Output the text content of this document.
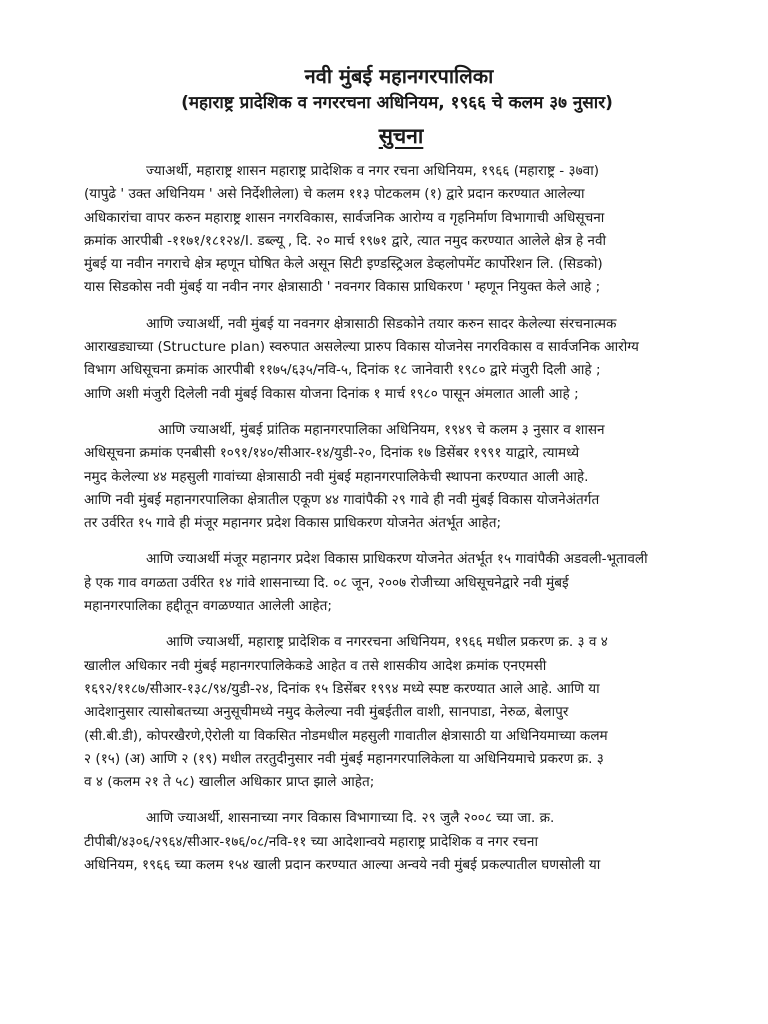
नवी मुंबई महानगरपालिका
(महाराष्ट्र प्रादेशिक व नगररचना अधिनियम, १९६६ चे कलम ३७ नुसार)
सुचना
ज्याअर्थी, महाराष्ट्र शासन महाराष्ट्र प्रादेशिक व नगर रचना अधिनियम, १९६६ (महाराष्ट्र - ३७वा)
(यापुढे ' उक्त अधिनियम ' असे निर्देशीलेला) चे कलम ११३ पोटकलम (१) द्वारे प्रदान करण्यात आलेल्या
अधिकारांचा वापर करुन महाराष्ट्र शासन नगरविकास, सार्वजनिक आरोग्य व गृहनिर्माण विभागाची अधिसूचना
क्रमांक आरपीबी -११७१/१८१२४/I. डब्ल्यू , दि. २० मार्च १९७१ द्वारे, त्यात नमुद करण्यात आलेले क्षेत्र हे नवी
मुंबई या नवीन नगराचे क्षेत्र म्हणून घोषित केले असून सिटी इण्डस्ट्रिअल डेव्हलोपमेंट कार्पोरेशन लि. (सिडको)
यास सिडकोस नवी मुंबई या नवीन नगर क्षेत्रासाठी ' नवनगर विकास प्राधिकरण ' म्हणून नियुक्त केले आहे ;
आणि ज्याअर्थी, नवी मुंबई या नवनगर क्षेत्रासाठी सिडकोने तयार करुन सादर केलेल्या संरचनात्मक
आराखड्याच्या (Structure plan) स्वरुपात असलेल्या प्रारुप विकास योजनेस नगरविकास व सार्वजनिक आरोग्य
विभाग अधिसूचना क्रमांक आरपीबी ११७५/६३५/नवि-५, दिनांक १८ जानेवारी १९८० द्वारे मंजुरी दिली आहे ;
आणि अशी मंजुरी दिलेली नवी मुंबई विकास योजना दिनांक १ मार्च १९८० पासून अंमलात आली आहे ;
आणि ज्याअर्थी, मुंबई प्रांतिक महानगरपालिका अधिनियम, १९४९ चे कलम ३ नुसार व शासन
अधिसूचना क्रमांक एनबीसी १०९१/१४०/सीआर-१४/युडी-२०, दिनांक १७ डिसेंबर १९९१ याद्वारे, त्यामध्ये
नमुद केलेल्या ४४ महसुली गावांच्या क्षेत्रासाठी नवी मुंबई महानगरपालिकेची स्थापना करण्यात आली आहे.
आणि नवी मुंबई महानगरपालिका क्षेत्रातील एकूण ४४ गावांपैकी २९ गावे ही नवी मुंबई विकास योजनेअंतर्गत
तर उर्वरित १५ गावे ही मंजूर महानगर प्रदेश विकास प्राधिकरण योजनेत अंतर्भूत आहेत;
आणि ज्याअर्थी मंजूर महानगर प्रदेश विकास प्राधिकरण योजनेत अंतर्भूत १५ गावांपैकी अडवली-भूतावली
हे एक गाव वगळता उर्वरित १४ गांवे शासनाच्या दि. ०८ जून, २००७ रोजीच्या अधिसूचनेद्वारे नवी मुंबई
महानगरपालिका हद्दीतून वगळण्यात आलेली आहेत;
आणि ज्याअर्थी, महाराष्ट्र प्रादेशिक व नगररचना अधिनियम, १९६६ मधील प्रकरण क्र. ३ व ४
खालील अधिकार नवी मुंबई महानगरपालिकेकडे आहेत व तसे शासकीय आदेश क्रमांक एनएमसी
१६९२/११८७/सीआर-१३८/९४/युडी-२४, दिनांक १५ डिसेंबर १९९४ मध्ये स्पष्ट करण्यात आले आहे. आणि या
आदेशानुसार त्यासोबतच्या अनुसूचीमध्ये नमुद केलेल्या नवी मुंबईतील वाशी, सानपाडा, नेरुळ, बेलापुर
(सी.बी.डी), कोपरखैरणे,ऐरोली या विकसित नोडमधील महसुली गावातील क्षेत्रासाठी या अधिनियमाच्या कलम
२ (१५) (अ) आणि २ (१९) मधील तरतुदीनुसार नवी मुंबई महानगरपालिकेला या अधिनियमाचे प्रकरण क्र. ३
व ४ (कलम २१ ते ५८) खालील अधिकार प्राप्त झाले आहेत;
आणि ज्याअर्थी, शासनाच्या नगर विकास विभागाच्या दि. २९ जुलै २००८ च्या जा. क्र.
टीपीबी/४३०६/२९६४/सीआर-१७६/०८/नवि-११ च्या आदेशान्वये महाराष्ट्र प्रादेशिक व नगर रचना
अधिनियम, १९६६ च्या कलम १५४ खाली प्रदान करण्यात आल्या अन्वये नवी मुंबई प्रकल्पातील घणसोली या
